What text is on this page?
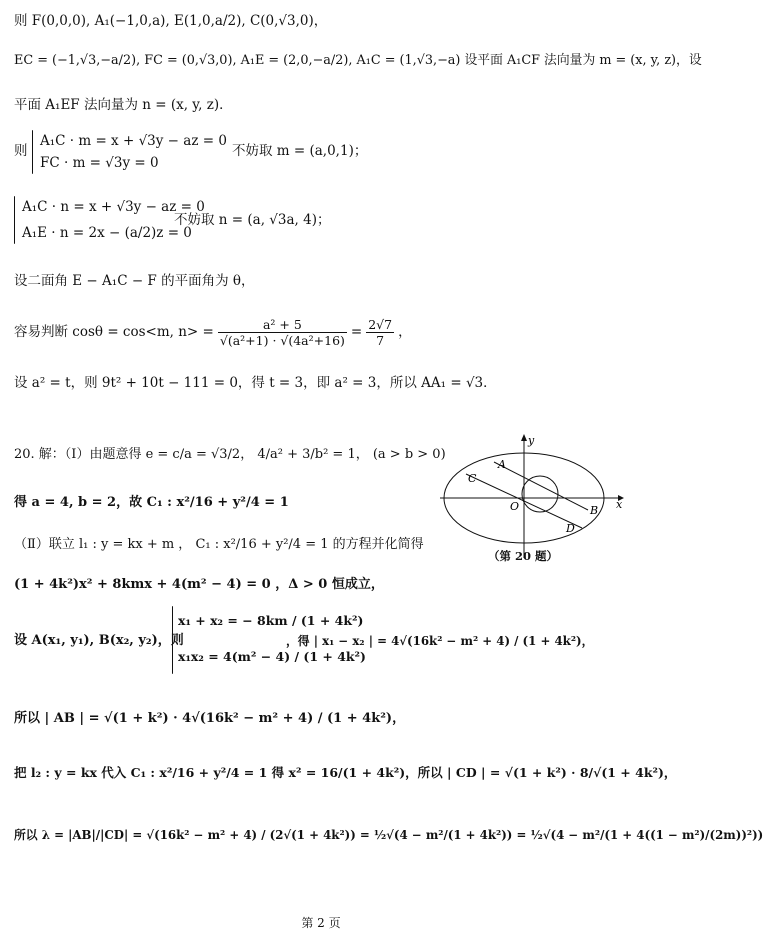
则 F(0,0,0), A₁(−1,0,a), E(1,0,a/2), C(0,√3,0)，
EC = (−1,√3,−a/2), FC = (0,√3,0), A₁E = (2,0,−a/2), A₁C = (1,√3,−a) 设平面 A₁CF 法向量为 m = (x, y, z)，设
平面 A₁EF 法向量为 n = (x, y, z)．
则
A₁C · m = x + √3y − az = 0
FC · m = √3y = 0
不妨取 m = (a,0,1)；
A₁C · n = x + √3y − az = 0
A₁E · n = 2x − (a/2)z = 0
不妨取 n = (a, √3a, 4)；
设二面角 E − A₁C − F 的平面角为 θ，
容易判断 cosθ = cos<m, $n> = \frac{\text{a² + 5}}{\text{√(a²+1) · √(4a²+16)}} = \frac{2√7}{7}$ ，
设 a² = t，则 9t² + 10t − 111 = 0，得 t = 3，即 a² = 3，所以 AA₁ = √3．
20. 解：（Ⅰ）由题意得 e = c/a = √3/2， 4/a² + 3/b² = 1， (a > b > 0)
得 a = 4, b = 2，故 C₁ : x²/16 + y²/4 = 1
（Ⅱ）联立 l₁ : y = kx + m ， C₁ : x²/16 + y²/4 = 1 的方程并化简得
(1 + 4k²)x² + 8kmx + 4(m² − 4) = 0 ，Δ > 0 恒成立，
设 A(x₁, y₁), B(x₂, y₂)，则
x₁ + x₂ = − 8km / (1 + 4k²)
x₁x₂ = 4(m² − 4) / (1 + 4k²)
，得 | x₁ − x₂ | = 4√(16k² − m² + 4) / (1 + 4k²)，
所以 | AB | = √(1 + k²) · 4√(16k² − m² + 4) / (1 + 4k²)，
把 l₂ : y = kx 代入 C₁ : x²/16 + y²/4 = 1 得 x² = 16/(1 + 4k²)，所以 | CD | = √(1 + k²) · 8/√(1 + 4k²)，
所以 λ = |AB|/|CD| = √(16k² − m² + 4) / (2√(1 + 4k²)) = ½√(4 − m²/(1 + 4k²)) = ½√(4 − m²/(1 + 4((1 − m²)/(2m))²))
y
x
A
C
O	B
D
（第 20 题）
第 2 页
